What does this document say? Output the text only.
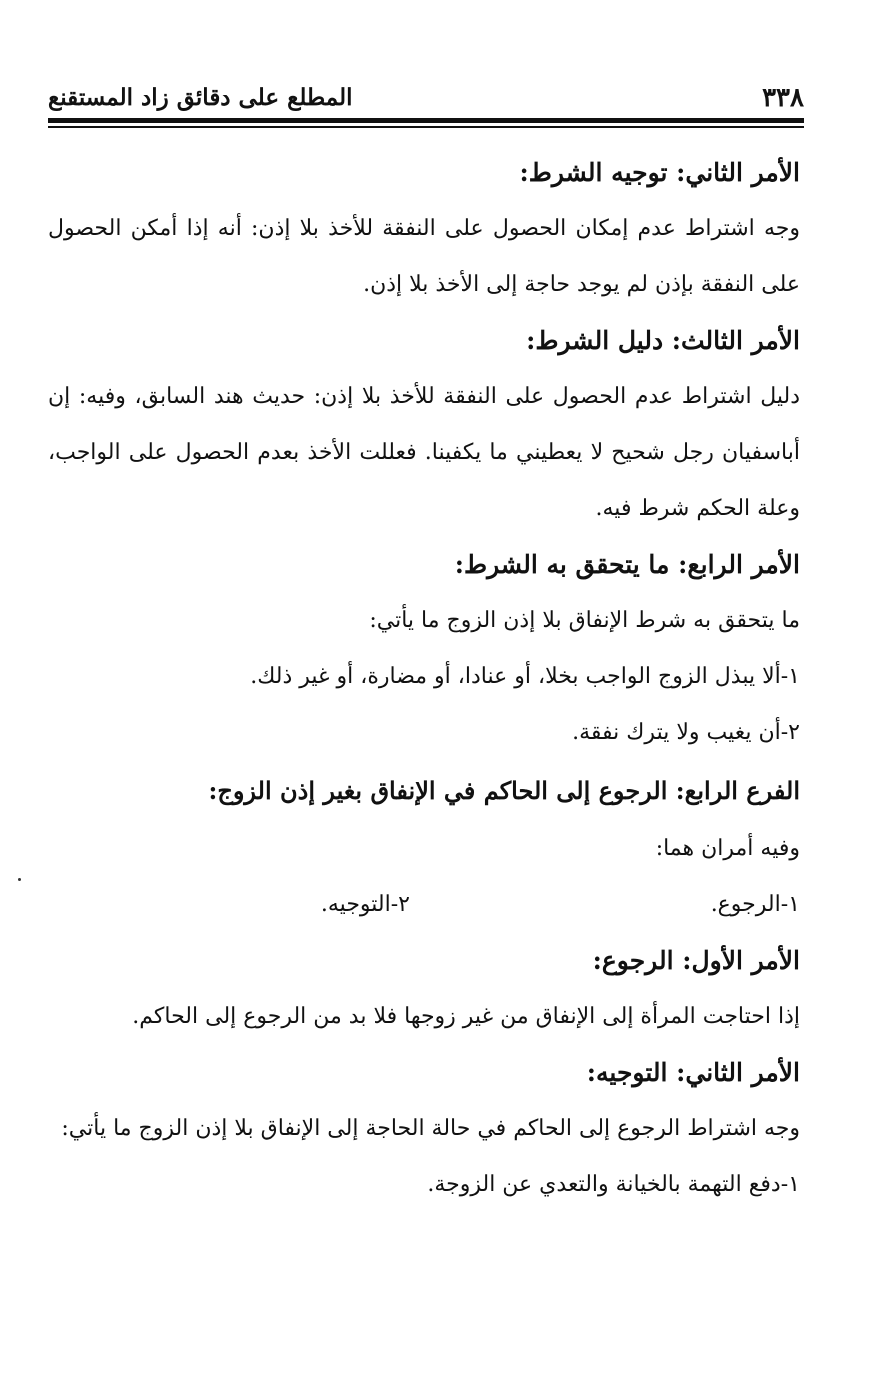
٣٣٨
المطلع على دقائق زاد المستقنع
الأمر الثاني: توجيه الشرط:
وجه اشتراط عدم إمكان الحصول على النفقة للأخذ بلا إذن: أنه إذا أمكن الحصول على النفقة بإذن لم يوجد حاجة إلى الأخذ بلا إذن.
الأمر الثالث: دليل الشرط:
دليل اشتراط عدم الحصول على النفقة للأخذ بلا إذن: حديث هند السابق، وفيه: إن أباسفيان رجل شحيح لا يعطيني ما يكفينا. فعللت الأخذ بعدم الحصول على الواجب، وعلة الحكم شرط فيه.
الأمر الرابع: ما يتحقق به الشرط:
ما يتحقق به شرط الإنفاق بلا إذن الزوج ما يأتي:
١-ألا يبذل الزوج الواجب بخلا، أو عنادا، أو مضارة، أو غير ذلك.
٢-أن يغيب ولا يترك نفقة.
الفرع الرابع: الرجوع إلى الحاكم في الإنفاق بغير إذن الزوج:
وفيه أمران هما:
١-الرجوع.
٢-التوجيه.
الأمر الأول: الرجوع:
إذا احتاجت المرأة إلى الإنفاق من غير زوجها فلا بد من الرجوع إلى الحاكم.
الأمر الثاني: التوجيه:
وجه اشتراط الرجوع إلى الحاكم في حالة الحاجة إلى الإنفاق بلا إذن الزوج ما يأتي:
١-دفع التهمة بالخيانة والتعدي عن الزوجة.
